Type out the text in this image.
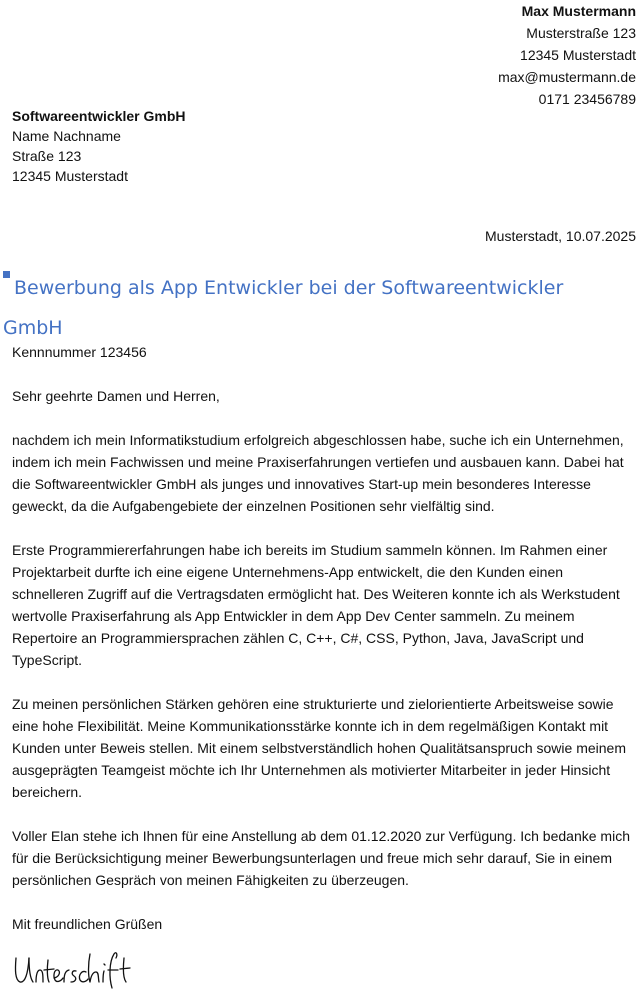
Max Mustermann
Musterstraße 123
12345 Musterstadt
max@mustermann.de
0171 23456789
Softwareentwickler GmbH
Name Nachname
Straße 123
12345 Musterstadt
Musterstadt, 10.07.2025
Bewerbung als App Entwickler bei der Softwareentwickler GmbH

Kennnummer 123456

Sehr geehrte Damen und Herren,

nachdem ich mein Informatikstudium erfolgreich abgeschlossen habe, suche ich ein Unternehmen, indem ich mein Fachwissen und meine Praxiserfahrungen vertiefen und ausbauen kann. Dabei hat die Softwareentwickler GmbH als junges und innovatives Start-up mein besonderes Interesse geweckt, da die Aufgabengebiete der einzelnen Positionen sehr vielfältig sind.

Erste Programmiererfahrungen habe ich bereits im Studium sammeln können. Im Rahmen einer Projektarbeit durfte ich eine eigene Unternehmens-App entwickelt, die den Kunden einen schnelleren Zugriff auf die Vertragsdaten ermöglicht hat. Des Weiteren konnte ich als Werkstudent wertvolle Praxiserfahrung als App Entwickler in dem App Dev Center sammeln. Zu meinem Repertoire an Programmiersprachen zählen C, C++, C#, CSS, Python, Java, JavaScript und TypeScript.

Zu meinen persönlichen Stärken gehören eine strukturierte und zielorientierte Arbeitsweise sowie eine hohe Flexibilität. Meine Kommunikationsstärke konnte ich in dem regelmäßigen Kontakt mit Kunden unter Beweis stellen. Mit einem selbstverständlich hohen Qualitätsanspruch sowie meinem ausgeprägten Teamgeist möchte ich Ihr Unternehmen als motivierter Mitarbeiter in jeder Hinsicht bereichern.

Voller Elan stehe ich Ihnen für eine Anstellung ab dem 01.12.2020 zur Verfügung. Ich bedanke mich für die Berücksichtigung meiner Bewerbungsunterlagen und freue mich sehr darauf, Sie in einem persönlichen Gespräch von meinen Fähigkeiten zu überzeugen.

Mit freundlichen Grüßen
